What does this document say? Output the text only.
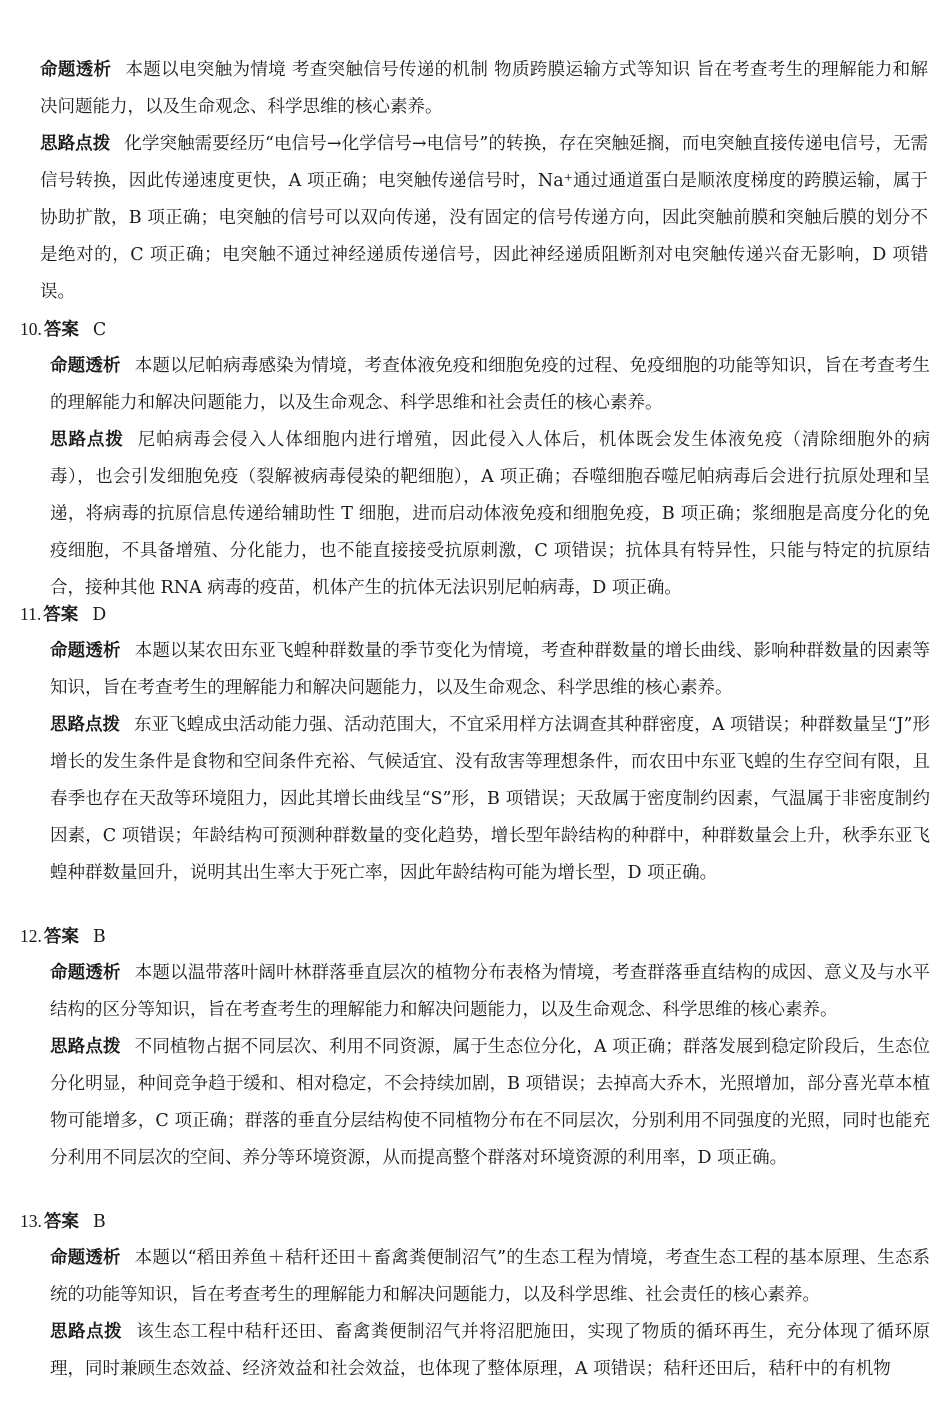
命题透析 本题以电突触为情境 考查突触信号传递的机制 物质跨膜运输方式等知识 旨在考查考生的理解能力和解决问题能力，以及生命观念、科学思维的核心素养。

思路点拨 化学突触需要经历“电信号→化学信号→电信号”的转换，存在突触延搁，而电突触直接传递电信号，无需信号转换，因此传递速度更快，A 项正确；电突触传递信号时，Na⁺通过通道蛋白是顺浓度梯度的跨膜运输，属于协助扩散，B 项正确；电突触的信号可以双向传递，没有固定的信号传递方向，因此突触前膜和突触后膜的划分不是绝对的，C 项正确；电突触不通过神经递质传递信号，因此神经递质阻断剂对电突触传递兴奋无影响，D 项错误。

10. 答案 C

命题透析 本题以尼帕病毒感染为情境，考查体液免疫和细胞免疫的过程、免疫细胞的功能等知识，旨在考查考生的理解能力和解决问题能力，以及生命观念、科学思维和社会责任的核心素养。

思路点拨 尼帕病毒会侵入人体细胞内进行增殖，因此侵入人体后，机体既会发生体液免疫（清除细胞外的病毒），也会引发细胞免疫（裂解被病毒侵染的靶细胞），A 项正确；吞噬细胞吞噬尼帕病毒后会进行抗原处理和呈递，将病毒的抗原信息传递给辅助性 T 细胞，进而启动体液免疫和细胞免疫，B 项正确；浆细胞是高度分化的免疫细胞，不具备增殖、分化能力，也不能直接接受抗原刺激，C 项错误；抗体具有特异性，只能与特定的抗原结合，接种其他 RNA 病毒的疫苗，机体产生的抗体无法识别尼帕病毒，D 项正确。

11. 答案 D

命题透析 本题以某农田东亚飞蝗种群数量的季节变化为情境，考查种群数量的增长曲线、影响种群数量的因素等知识，旨在考查考生的理解能力和解决问题能力，以及生命观念、科学思维的核心素养。

思路点拨 东亚飞蝗成虫活动能力强、活动范围大，不宜采用样方法调查其种群密度，A 项错误；种群数量呈“J”形增长的发生条件是食物和空间条件充裕、气候适宜、没有敌害等理想条件，而农田中东亚飞蝗的生存空间有限，且春季也存在天敌等环境阻力，因此其增长曲线呈“S”形，B 项错误；天敌属于密度制约因素，气温属于非密度制约因素，C 项错误；年龄结构可预测种群数量的变化趋势，增长型年龄结构的种群中，种群数量会上升，秋季东亚飞蝗种群数量回升，说明其出生率大于死亡率，因此年龄结构可能为增长型，D 项正确。

12. 答案 B

命题透析 本题以温带落叶阔叶林群落垂直层次的植物分布表格为情境，考查群落垂直结构的成因、意义及与水平结构的区分等知识，旨在考查考生的理解能力和解决问题能力，以及生命观念、科学思维的核心素养。

思路点拨 不同植物占据不同层次、利用不同资源，属于生态位分化，A 项正确；群落发展到稳定阶段后，生态位分化明显，种间竞争趋于缓和、相对稳定，不会持续加剧，B 项错误；去掉高大乔木，光照增加，部分喜光草本植物可能增多，C 项正确；群落的垂直分层结构使不同植物分布在不同层次，分别利用不同强度的光照，同时也能充分利用不同层次的空间、养分等环境资源，从而提高整个群落对环境资源的利用率，D 项正确。

13. 答案 B

命题透析 本题以“稻田养鱼＋秸秆还田＋畜禽粪便制沼气”的生态工程为情境，考查生态工程的基本原理、生态系统的功能等知识，旨在考查考生的理解能力和解决问题能力，以及科学思维、社会责任的核心素养。

思路点拨 该生态工程中秸秆还田、畜禽粪便制沼气并将沼肥施田，实现了物质的循环再生，充分体现了循环原理，同时兼顾生态效益、经济效益和社会效益，也体现了整体原理，A 项错误；秸秆还田后，秸秆中的有机物
